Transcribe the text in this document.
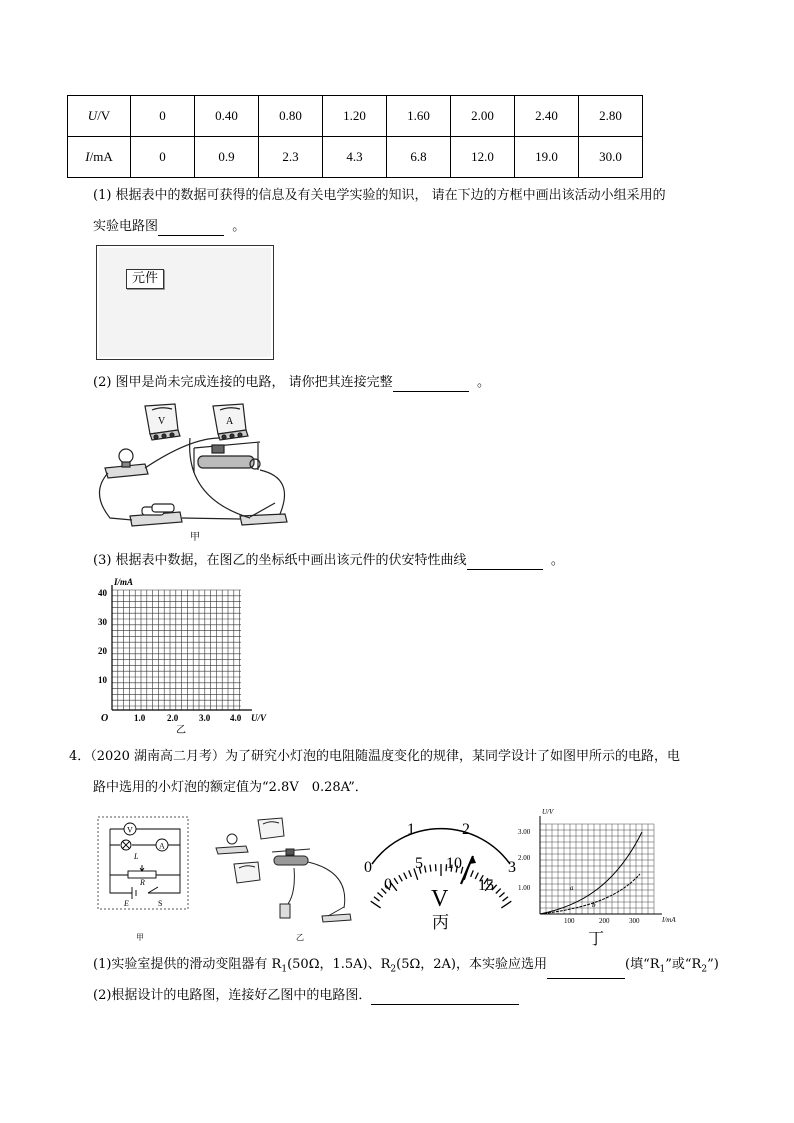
U/V	0	0.40	0.80	1.20	1.60	2.00	2.40	2.80
I/mA	0	0.9	2.3	4.3	6.8	12.0	19.0	30.0
(1) 根据表中的数据可获得的信息及有关电学实验的知识， 请在下边的方框中画出该活动小组采用的
实验电路图	。
元件
(2) 图甲是尚未完成连接的电路， 请你把其连接完整	。
V	A
甲
(3) 根据表中数据，在图乙的坐标纸中画出该元件的伏安特性曲线	。
I/mA
U/V
O
10
20
30
40
1.0 2.0 3.0 4.0
乙
4．（2020 湖南高二月考）为了研究小灯泡的电阻随温度变化的规律，某同学设计了如图甲所示的电路，电
路中选用的小灯泡的额定值为“2.8V　0.28A”．
V
A
L
R
E	S
甲	乙
0
1	2
3
0
5 10
15
V
丙
U/V
I/mA
1.00
2.00
3.00
100	200	300
a
b
丁
(1)实验室提供的滑动变阻器有 $R_1(50\Omega$，1.5A)、$R_2(5\Omega$，2A)，本实验应选用	(填“$R_1$”或“$R_2$”)
(2)根据设计的电路图，连接好乙图中的电路图．
